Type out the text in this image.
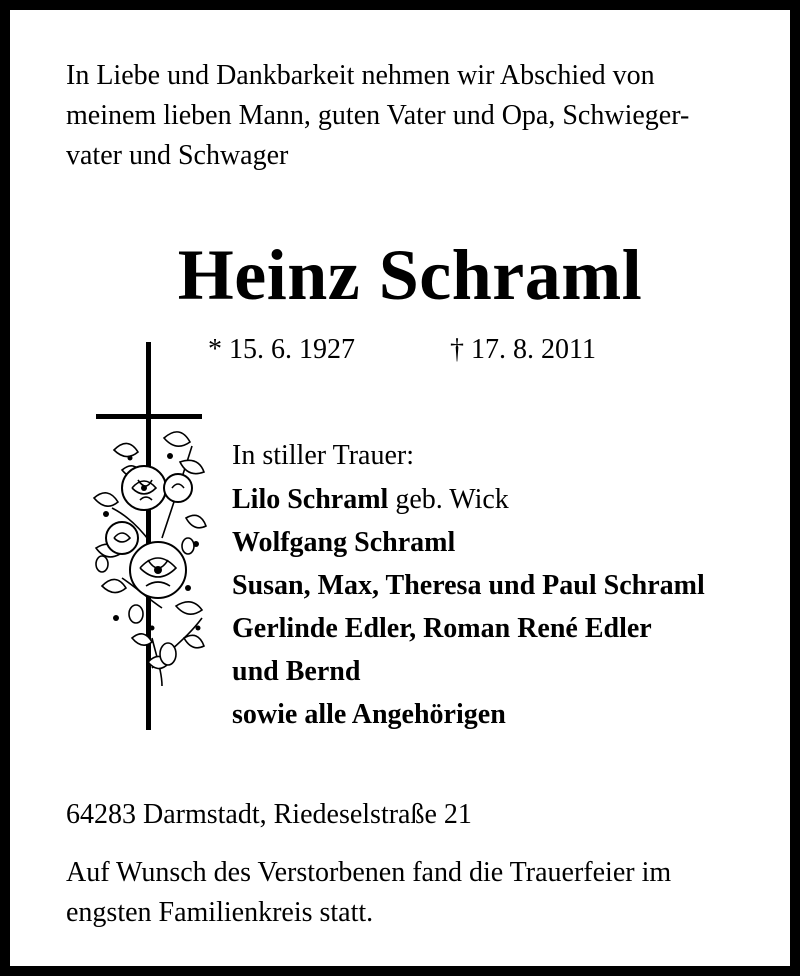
In Liebe und Dankbarkeit nehmen wir Abschied von
meinem lieben Mann, guten Vater und Opa, Schwieger-
vater und Schwager

Heinz Schraml
* 15. 6. 1927	† 17. 8. 2011
In stiller Trauer:
Lilo Schraml geb. Wick
Wolfgang Schraml
Susan, Max, Theresa und Paul Schraml
Gerlinde Edler, Roman René Edler
und Bernd
sowie alle Angehörigen

64283 Darmstadt, Riedeselstraße 21

Auf Wunsch des Verstorbenen fand die Trauerfeier im
engsten Familienkreis statt.
